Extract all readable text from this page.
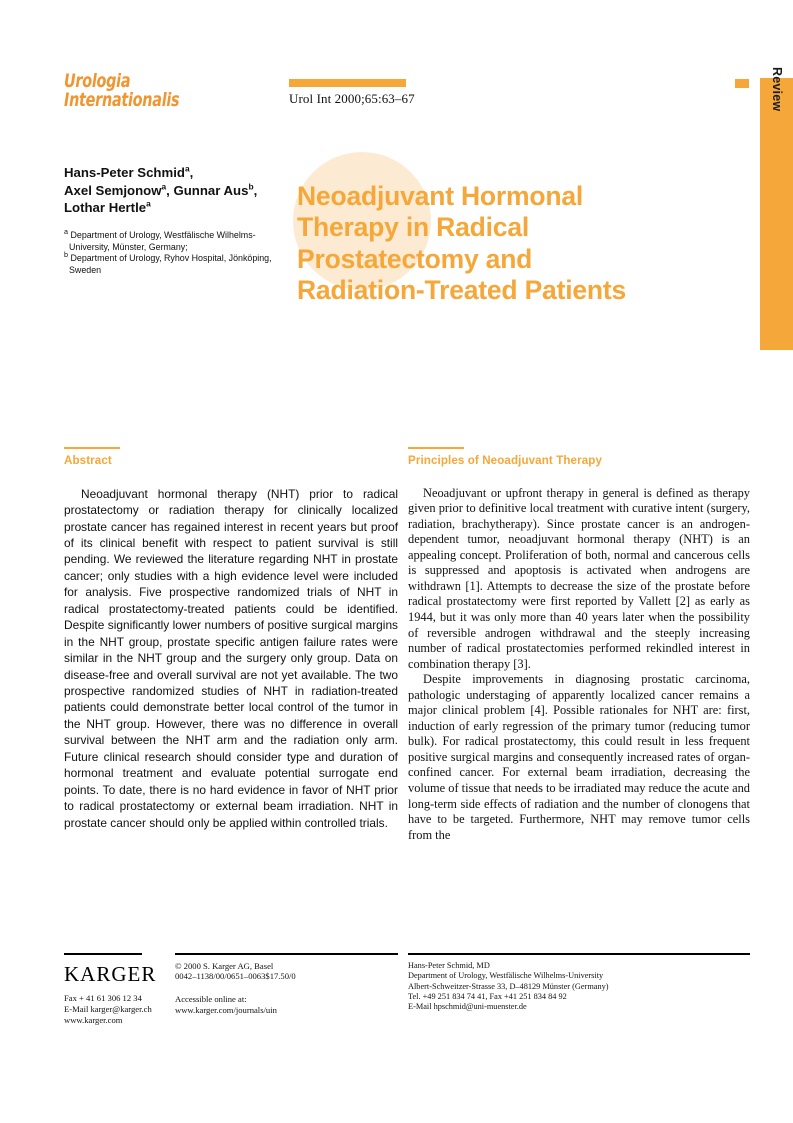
Review
Urologia
Internationalis	Urol Int 2000;65:63–67
Hans-Peter Schmid$^a$,
Axel Semjonow$^a$, Gunnar Aus$^b$,
Lothar Hertle$^a$
$^a$ Department of Urology, Westfälische Wilhelms-University, Münster, Germany;
$^b$ Department of Urology, Ryhov Hospital, Jönköping, Sweden
Neoadjuvant Hormonal
Therapy in Radical
Prostatectomy and
Radiation-Treated Patients
Abstract

Neoadjuvant hormonal therapy (NHT) prior to radical prostatectomy or radiation therapy for clinically localized prostate cancer has regained interest in recent years but proof of its clinical benefit with respect to patient survival is still pending. We reviewed the literature regarding NHT in prostate cancer; only studies with a high evidence level were included for analysis. Five prospective randomized trials of NHT in radical prostatectomy-treated patients could be identified. Despite significantly lower numbers of positive surgical margins in the NHT group, prostate specific antigen failure rates were similar in the NHT group and the surgery only group. Data on disease-free and overall survival are not yet available. The two prospective randomized studies of NHT in radiation-treated patients could demonstrate better local control of the tumor in the NHT group. However, there was no difference in overall survival between the NHT arm and the radiation only arm. Future clinical research should consider type and duration of hormonal treatment and evaluate potential surrogate end points. To date, there is no hard evidence in favor of NHT prior to radical prostatectomy or external beam irradiation. NHT in prostate cancer should only be applied within controlled trials.

Principles of Neoadjuvant Therapy

Neoadjuvant or upfront therapy in general is defined as therapy given prior to definitive local treatment with curative intent (surgery, radiation, brachytherapy). Since prostate cancer is an androgen-dependent tumor, neoadjuvant hormonal therapy (NHT) is an appealing concept. Proliferation of both, normal and cancerous cells is suppressed and apoptosis is activated when androgens are withdrawn [1]. Attempts to decrease the size of the prostate before radical prostatectomy were first reported by Vallett [2] as early as 1944, but it was only more than 40 years later when the possibility of reversible androgen withdrawal and the steeply increasing number of radical prostatectomies performed rekindled interest in combination therapy [3].

Despite improvements in diagnosing prostatic carcinoma, pathologic understaging of apparently localized cancer remains a major clinical problem [4]. Possible rationales for NHT are: first, induction of early regression of the primary tumor (reducing tumor bulk). For radical prostatectomy, this could result in less frequent positive surgical margins and consequently increased rates of organ-confined cancer. For external beam irradiation, decreasing the volume of tissue that needs to be irradiated may reduce the acute and long-term side effects of radiation and the number of clonogens that have to be targeted. Furthermore, NHT may remove tumor cells from the

KARGER
Fax + 41 61 306 12 34
E-Mail karger@karger.ch
www.karger.com
© 2000 S. Karger AG, Basel
0042–1138/00/0651–0063$17.50/0
Accessible online at:
www.karger.com/journals/uin
Hans-Peter Schmid, MD
Department of Urology, Westfälische Wilhelms-University
Albert-Schweitzer-Strasse 33, D–48129 Münster (Germany)
Tel. +49 251 834 74 41, Fax +41 251 834 84 92
E-Mail hpschmid@uni-muenster.de
